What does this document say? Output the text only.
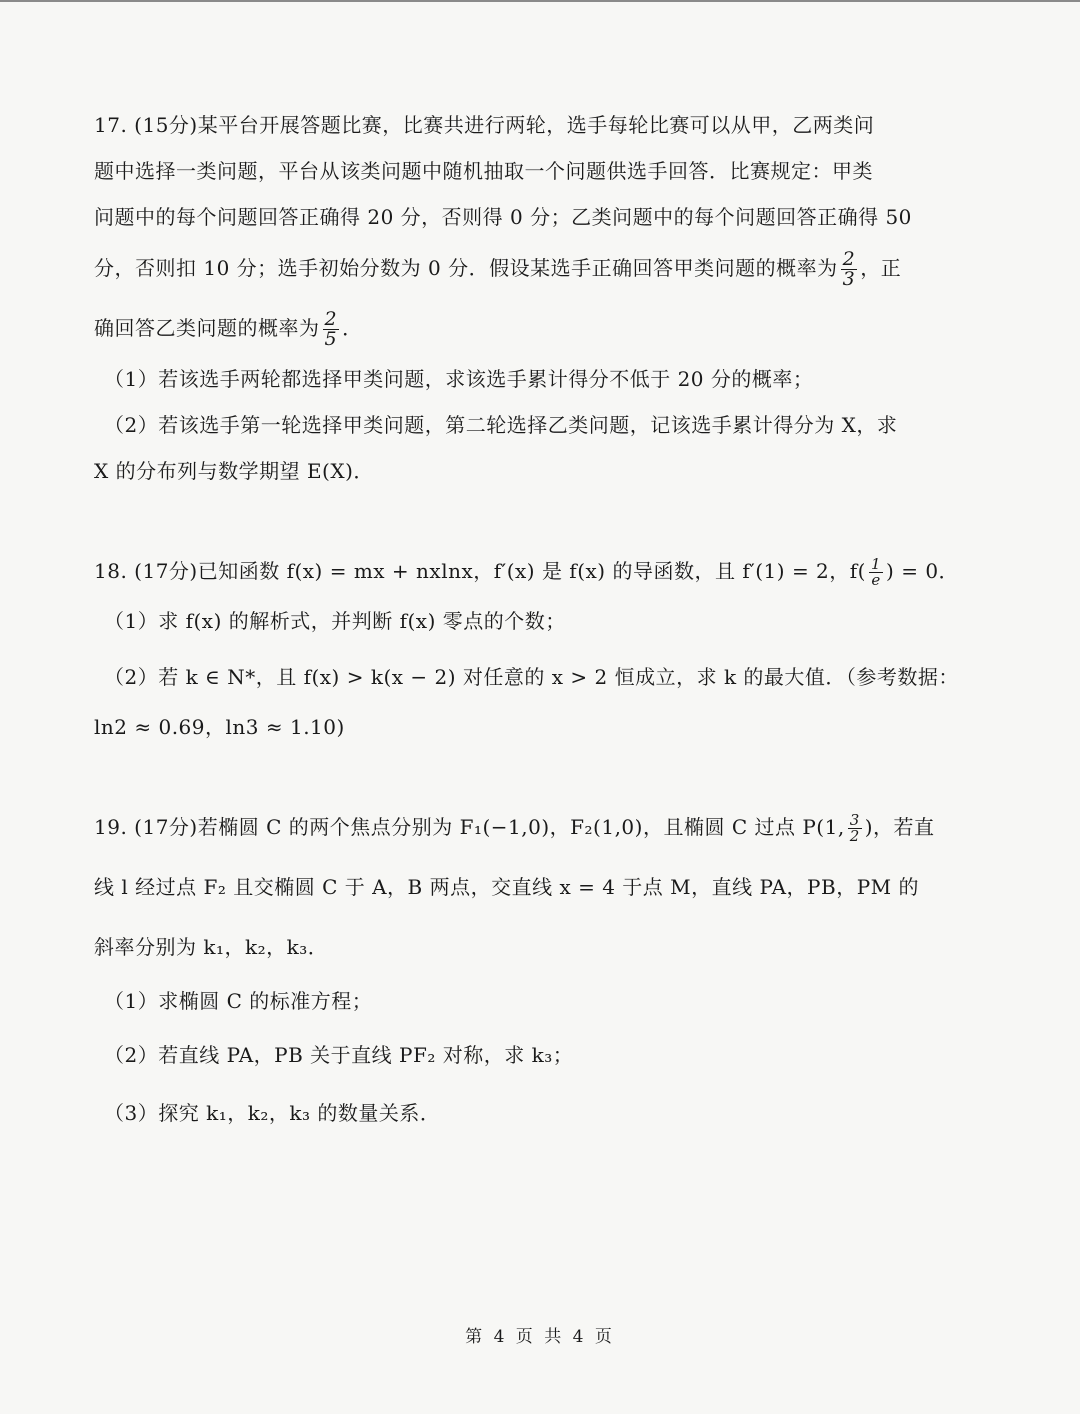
17. (15分)某平台开展答题比赛，比赛共进行两轮，选手每轮比赛可以从甲，乙两类问
题中选择一类问题，平台从该类问题中随机抽取一个问题供选手回答．比赛规定：甲类
问题中的每个问题回答正确得 20 分，否则得 0 分；乙类问题中的每个问题回答正确得 50
分，否则扣 10 分；选手初始分数为 0 分．假设某选手正确回答甲类问题的概率为 $\frac{2}{3}$ ，正
确回答乙类问题的概率为 $\frac{2}{5}$ ．
（1）若该选手两轮都选择甲类问题，求该选手累计得分不低于 20 分的概率；
（2）若该选手第一轮选择甲类问题，第二轮选择乙类问题，记该选手累计得分为 X，求
X 的分布列与数学期望 E(X)．
18. (17分)已知函数 f(x) = mx + nxlnx，f′(x) 是 f(x) 的导函数，且 f′(1) = 2，$f( \frac{1}{e}$ ) = 0．
（1）求 f(x) 的解析式，并判断 f(x) 零点的个数；
（2）若 k ∈ N*，且 f(x) > k(x − 2) 对任意的 x > 2 恒成立，求 k 的最大值．（参考数据：
ln2 ≈ 0.69，ln3 ≈ 1.10)
19. (17分)若椭圆 C 的两个焦点分别为 F₁(−1,0)，F₂(1,0)，且椭圆 C 过点 P(1, $\frac{3}{2}$ )，若直
线 l 经过点 F₂ 且交椭圆 C 于 A，B 两点，交直线 x = 4 于点 M，直线 PA，PB，PM 的
斜率分别为 k₁，k₂，k₃．
（1）求椭圆 C 的标准方程；
（2）若直线 PA，PB 关于直线 PF₂ 对称，求 k₃；
（3）探究 k₁，k₂，k₃ 的数量关系．
第 4 页 共 4 页
